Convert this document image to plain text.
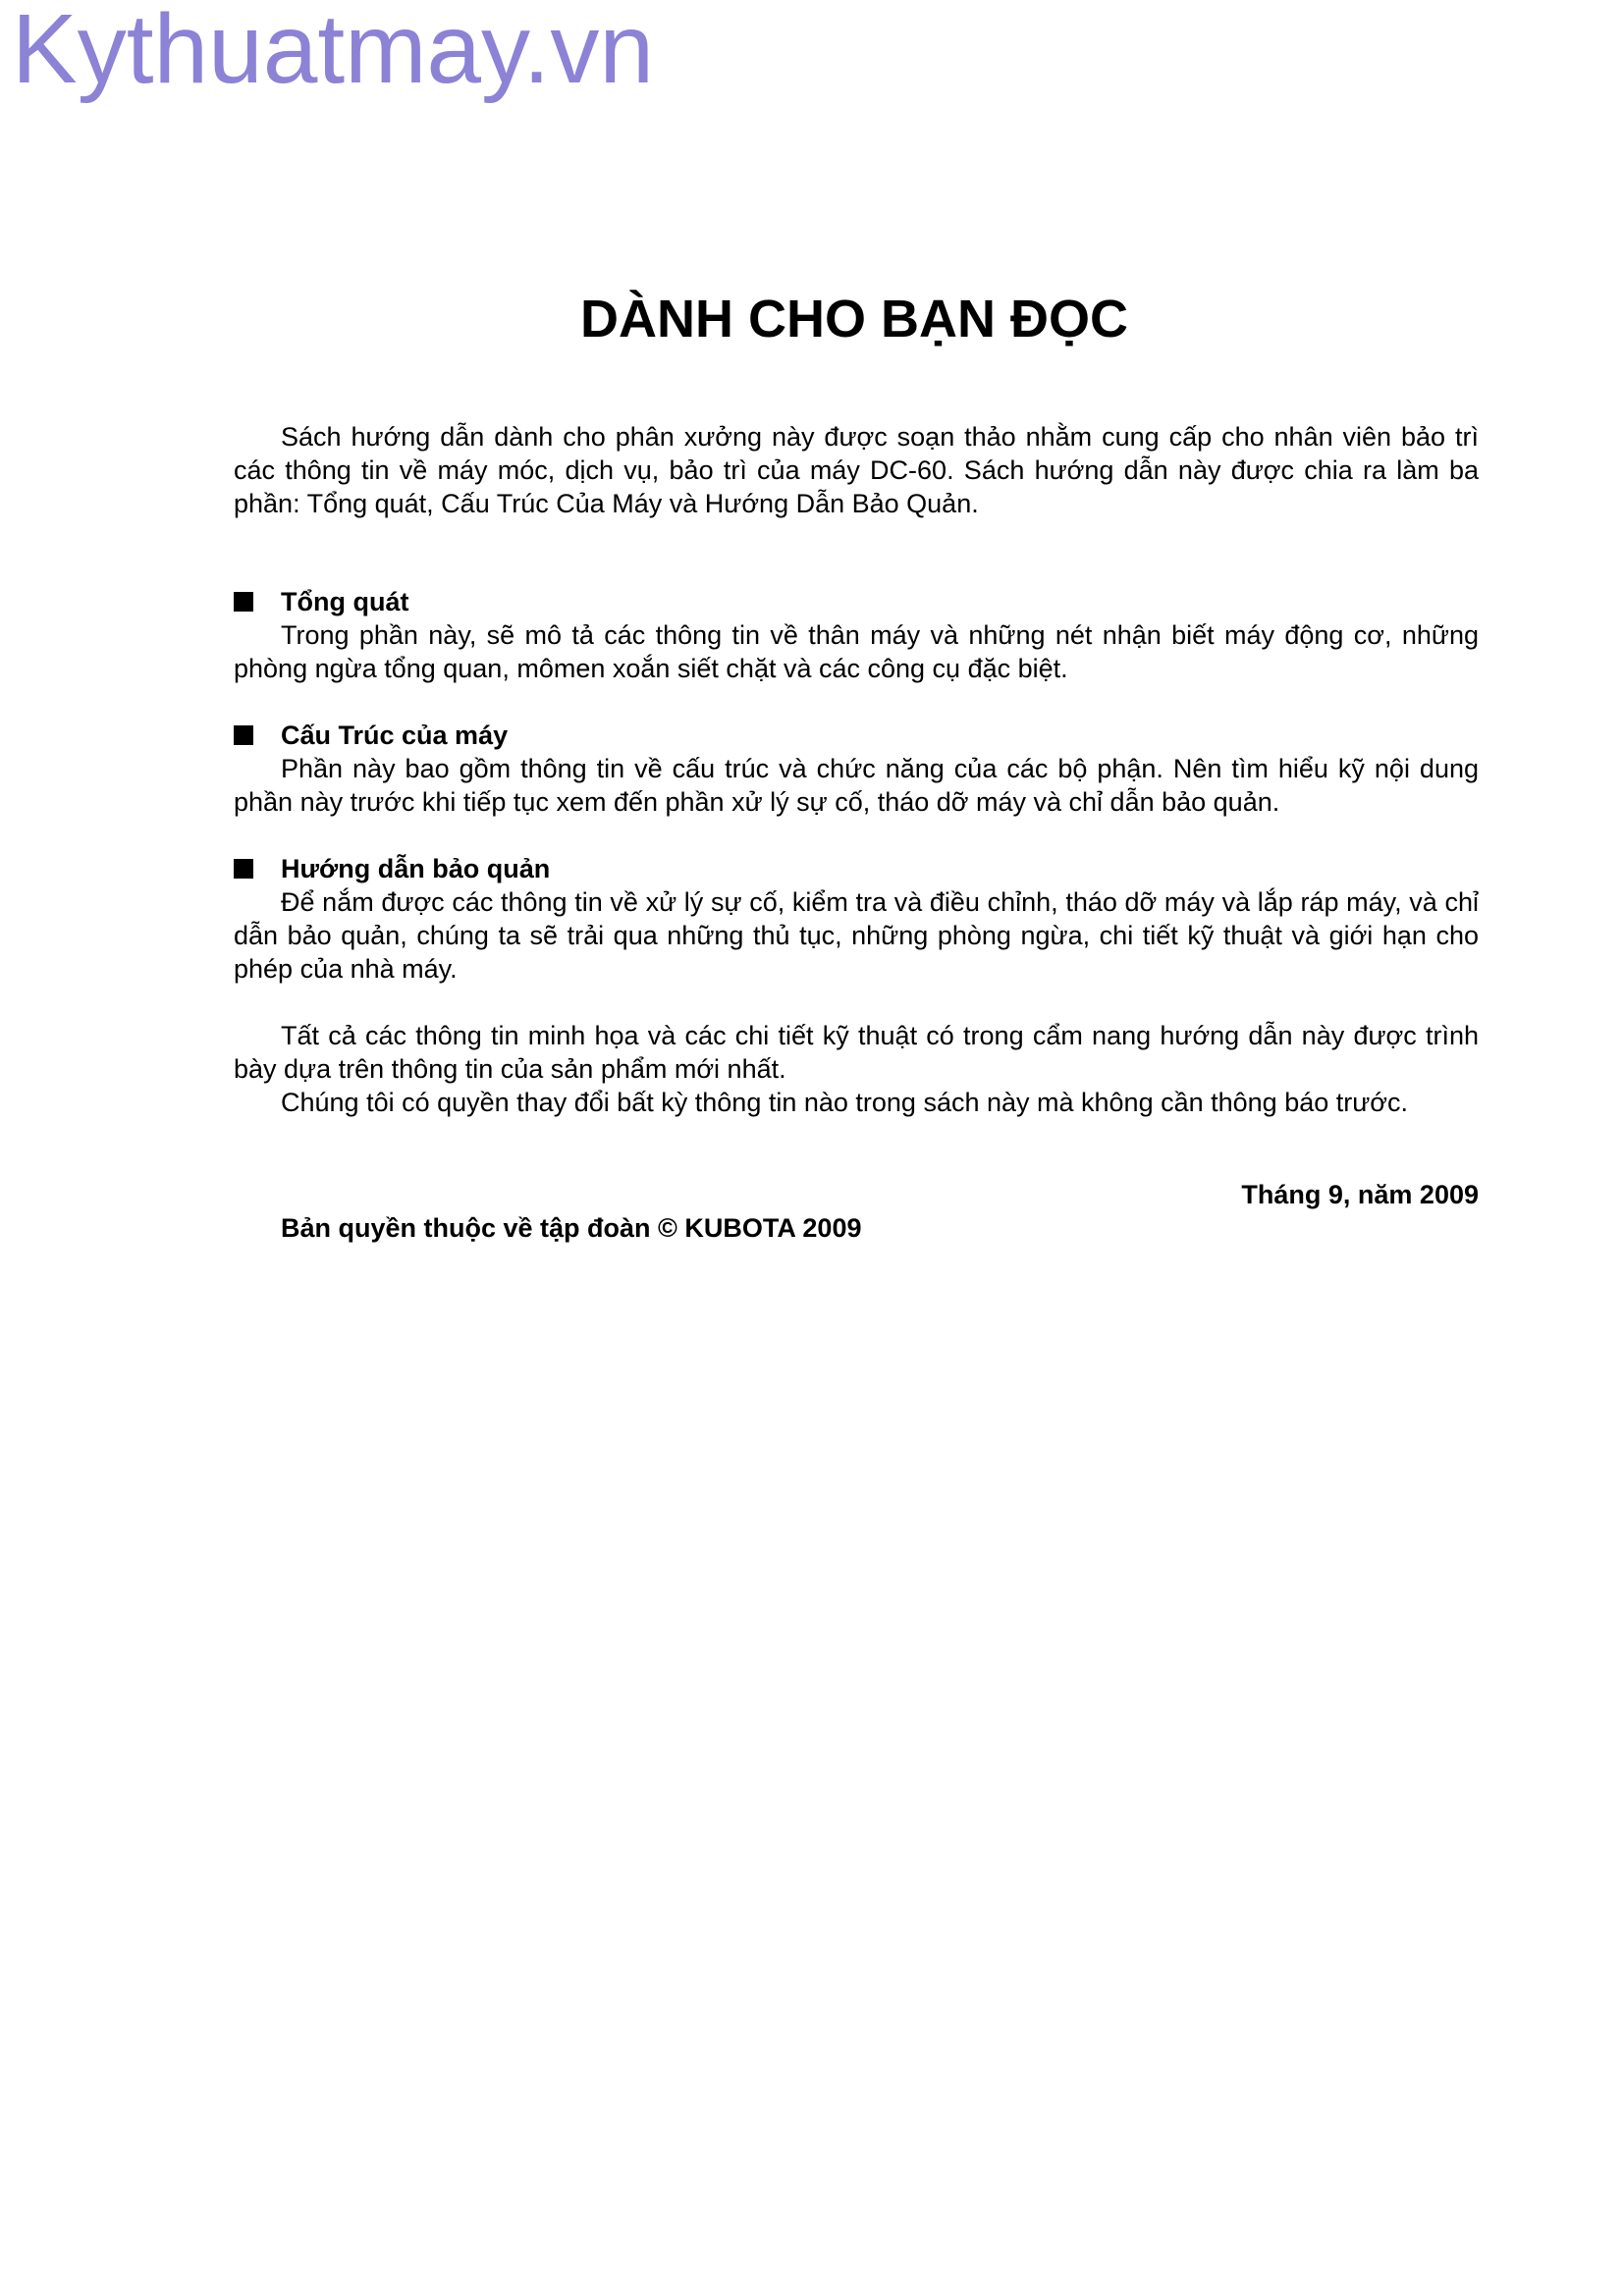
Kythuatmay.vn
DÀNH CHO BẠN ĐỌC

Sách hướng dẫn dành cho phân xưởng này được soạn thảo nhằm cung cấp cho nhân viên bảo trì các thông tin về máy móc, dịch vụ, bảo trì của máy DC-60. Sách hướng dẫn này được chia ra làm ba phần: Tổng quát, Cấu Trúc Của Máy và Hướng Dẫn Bảo Quản.

Tổng quát

Trong phần này, sẽ mô tả các thông tin về thân máy và những nét nhận biết máy động cơ, những phòng ngừa tổng quan, mômen xoắn siết chặt và các công cụ đặc biệt.

Cấu Trúc của máy

Phần này bao gồm thông tin về cấu trúc và chức năng của các bộ phận. Nên tìm hiểu kỹ nội dung phần này trước khi tiếp tục xem đến phần xử lý sự cố, tháo dỡ máy và chỉ dẫn bảo quản.

Hướng dẫn bảo quản

Để nắm được các thông tin về xử lý sự cố, kiểm tra và điều chỉnh, tháo dỡ máy và lắp ráp máy, và chỉ dẫn bảo quản, chúng ta sẽ trải qua những thủ tục, những phòng ngừa, chi tiết kỹ thuật và giới hạn cho phép của nhà máy.

Tất cả các thông tin minh họa và các chi tiết kỹ thuật có trong cẩm nang hướng dẫn này được trình bày dựa trên thông tin của sản phẩm mới nhất.

Chúng tôi có quyền thay đổi bất kỳ thông tin nào trong sách này mà không cần thông báo trước.

Tháng 9, năm 2009
Bản quyền thuộc về tập đoàn © KUBOTA 2009
